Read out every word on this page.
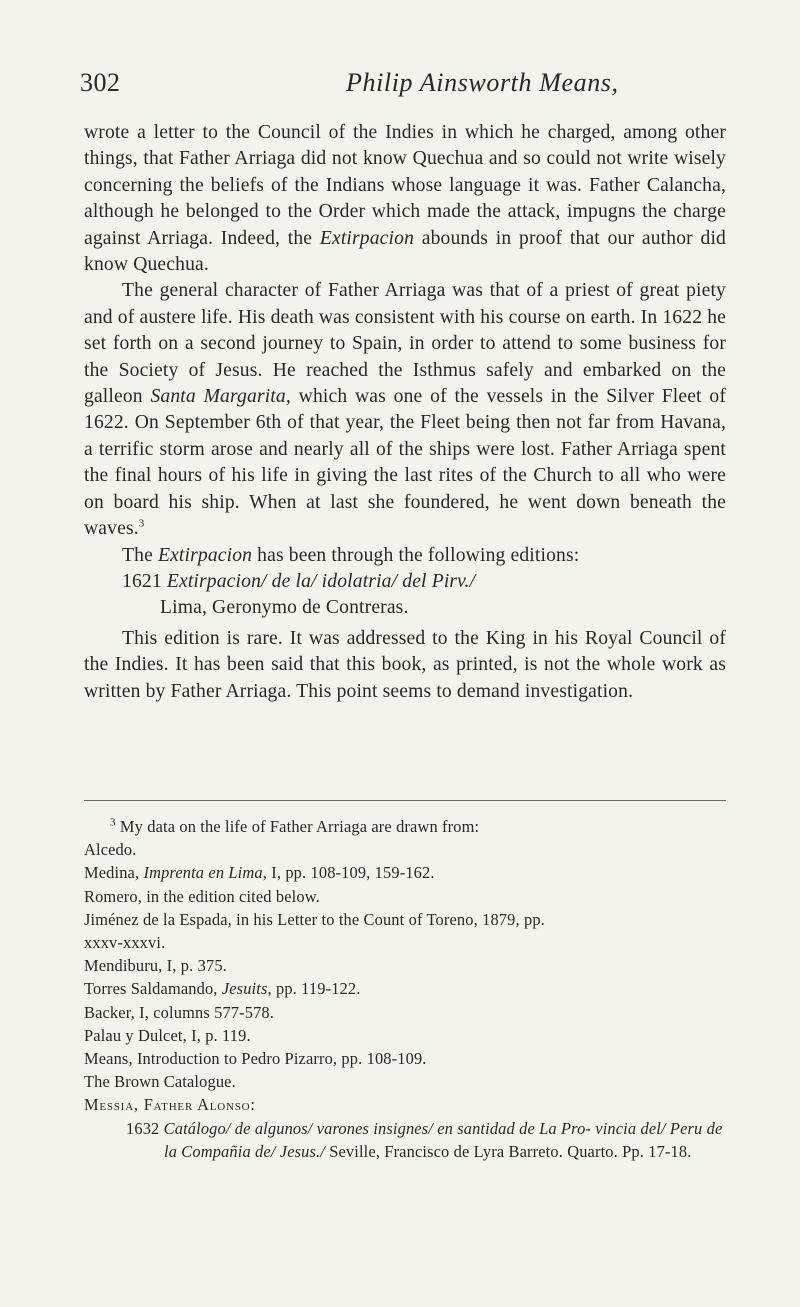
302	Philip Ainsworth Means,

wrote a letter to the Council of the Indies in which he charged, among other things, that Father Arriaga did not know Quechua and so could not write wisely concerning the beliefs of the Indians whose language it was. Father Calancha, although he belonged to the Order which made the attack, impugns the charge against Arriaga. Indeed, the Extirpacion abounds in proof that our author did know Quechua.

The general character of Father Arriaga was that of a priest of great piety and of austere life. His death was consistent with his course on earth. In 1622 he set forth on a second journey to Spain, in order to attend to some business for the Society of Jesus. He reached the Isthmus safely and embarked on the galleon Santa Margarita, which was one of the vessels in the Silver Fleet of 1622. On September 6th of that year, the Fleet being then not far from Havana, a terrific storm arose and nearly all of the ships were lost. Father Arriaga spent the final hours of his life in giving the last rites of the Church to all who were on board his ship. When at last she foundered, he went down beneath the waves.$^3$

The Extirpacion has been through the following editions:

1621 Extirpacion/ de la/ idolatria/ del Pirv./
Lima, Geronymo de Contreras.

This edition is rare. It was addressed to the King in his Royal Council of the Indies. It has been said that this book, as printed, is not the whole work as written by Father Arriaga. This point seems to demand investigation.

$^3$ My data on the life of Father Arriaga are drawn from:
Alcedo.
Medina, Imprenta en Lima, I, pp. 108-109, 159-162.
Romero, in the edition cited below.
Jiménez de la Espada, in his Letter to the Count of Toreno, 1879, pp.
xxxv-xxxvi.
Mendiburu, I, p. 375.
Torres Saldamando, Jesuits, pp. 119-122.
Backer, I, columns 577-578.
Palau y Dulcet, I, p. 119.
Means, Introduction to Pedro Pizarro, pp. 108-109.
The Brown Catalogue.
Messia, Father Alonso:
1632 Catálogo/ de algunos/ varones insignes/ en santidad de La Pro- vincia del/ Peru de la Compañia de/ Jesus./ Seville, Francisco de Lyra Barreto. Quarto. Pp. 17-18.
